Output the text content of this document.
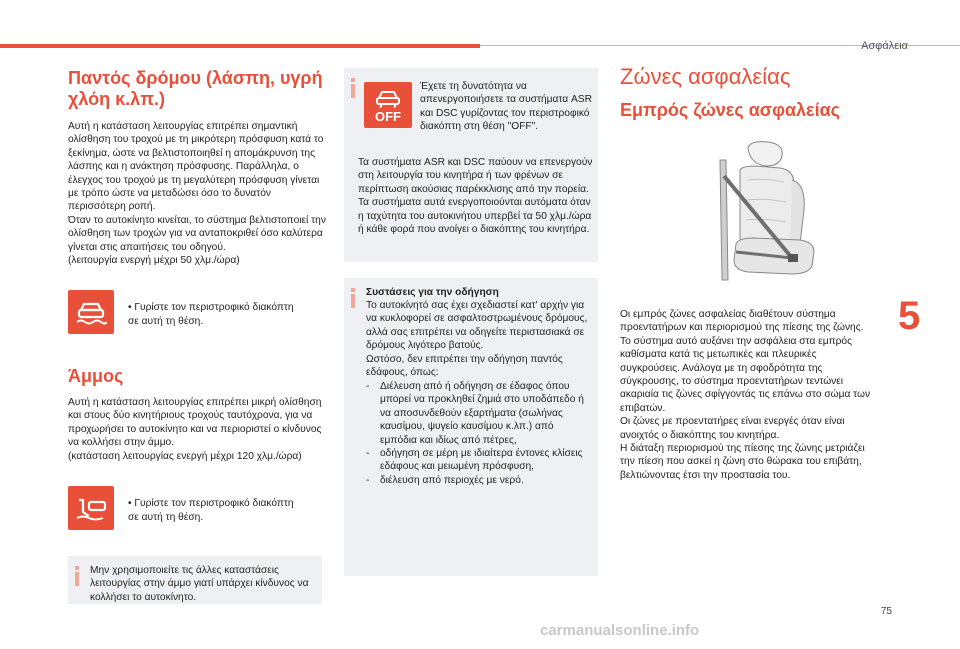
Ασφάλεια
5
75
Παντός δρόμου (λάσπη, υγρή χλόη κ.λπ.)

Αυτή η κατάσταση λειτουργίας επιτρέπει σημαντική ολίσθηση του τροχού με τη μικρότερη πρόσφυση κατά το ξεκίνημα, ώστε να βελτιστοποιηθεί η απομάκρυνση της λάσπης και η ανάκτηση πρόσφυσης. Παράλληλα, ο έλεγχος του τροχού με τη μεγαλύτερη πρόσφυση γίνεται με τρόπο ώστε να μεταδώσει όσο το δυνατόν περισσότερη ροπή.
Όταν το αυτοκίνητο κινείται, το σύστημα βελτιστοποιεί την ολίσθηση των τροχών για να ανταποκριθεί όσο καλύτερα γίνεται στις απαιτήσεις του οδηγού.
(λειτουργία ενεργή μέχρι 50 χλμ./ώρα)

• Γυρίστε τον περιστροφικό διακόπτη
σε αυτή τη θέση.

Άμμος

Αυτή η κατάσταση λειτουργίας επιτρέπει μικρή ολίσθηση και στους δύο κινητήριους τροχούς ταυτόχρονα, για να προχωρήσει το αυτοκίνητο και να περιοριστεί ο κίνδυνος να κολλήσει στην άμμο.
(κατάσταση λειτουργίας ενεργή μέχρι 120 χλμ./ώρα)

• Γυρίστε τον περιστροφικό διακόπτη
σε αυτή τη θέση.

Μην χρησιμοποιείτε τις άλλες καταστάσεις λειτουργίας στην άμμο γιατί υπάρχει κίνδυνος να κολλήσει το αυτοκίνητο.
Έχετε τη δυνατότητα να απενεργοποιήσετε τα συστήματα ASR και DSC γυρίζοντας τον περιστροφικό διακόπτη στη θέση "OFF".
Τα συστήματα ASR και DSC παύουν να επενεργούν στη λειτουργία του κινητήρα ή των φρένων σε περίπτωση ακούσιας παρέκκλισης από την πορεία.
Τα συστήματα αυτά ενεργοποιούνται αυτόματα όταν η ταχύτητα του αυτοκινήτου υπερβεί τα 50 χλμ./ώρα ή κάθε φορά που ανοίγει ο διακόπτης του κινητήρα.
OFF
Συστάσεις για την οδήγηση
Το αυτοκίνητό σας έχει σχεδιαστεί κατ' αρχήν για να κυκλοφορεί σε ασφαλτοστρωμένους δρόμους, αλλά σας επιτρέπει να οδηγείτε περιστασιακά σε δρόμους λιγότερο βατούς.
Ωστόσο, δεν επιτρέπει την οδήγηση παντός εδάφους, όπως:
- Διέλευση από ή οδήγηση σε έδαφος όπου μπορεί να προκληθεί ζημιά στο υποδάπεδο ή να αποσυνδεθούν εξαρτήματα (σωλήνας καυσίμου, ψυγείο καυσίμου κ.λπ.) από εμπόδια και ιδίως από πέτρες,
- οδήγηση σε μέρη με ιδιαίτερα έντονες κλίσεις εδάφους και μειωμένη πρόσφυση,
- διέλευση από περιοχές με νερό.
Ζώνες ασφαλείας
Εμπρός ζώνες ασφαλείας

Οι εμπρός ζώνες ασφαλείας διαθέτουν σύστημα προεντατήρων και περιορισμού της πίεσης της ζώνης.
Το σύστημα αυτό αυξάνει την ασφάλεια στα εμπρός καθίσματα κατά τις μετωπικές και πλευρικές συγκρούσεις. Ανάλογα με τη σφοδρότητα της σύγκρουσης, το σύστημα προεντατήρων τεντώνει ακαριαία τις ζώνες σφίγγοντάς τις επάνω στο σώμα των επιβατών.
Οι ζώνες με προεντατήρες είναι ενεργές όταν είναι ανοιχτός ο διακόπτης του κινητήρα.
Η διάταξη περιορισμού της πίεσης της ζώνης μετριάζει την πίεση που ασκεί η ζώνη στο θώρακα του επιβάτη, βελτιώνοντας έτσι την προστασία του.

carmanualsonline.info
